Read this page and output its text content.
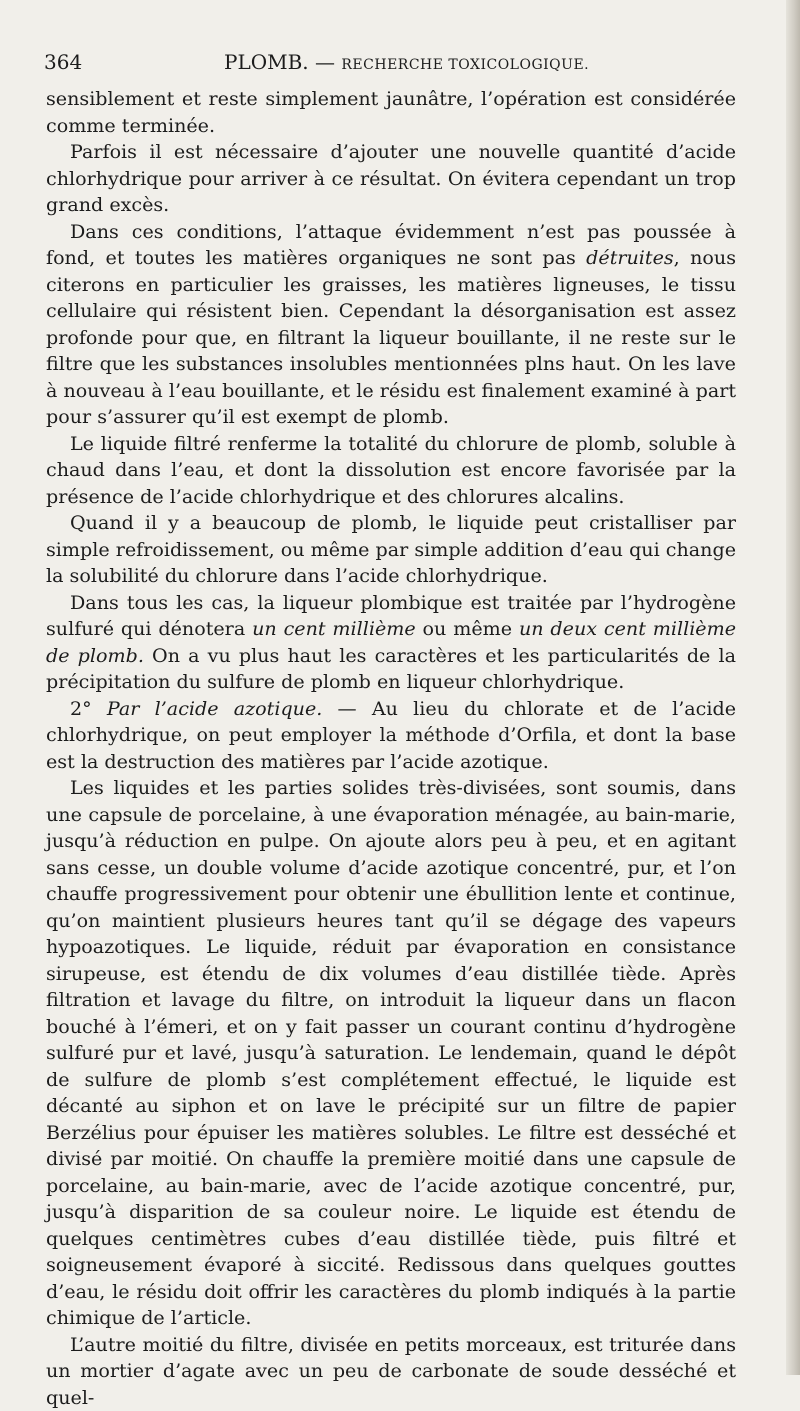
364	PLOMB. — RECHERCHE TOXICOLOGIQUE.

sensiblement et reste simplement jaunâtre, l’opération est considérée comme terminée.

Parfois il est nécessaire d’ajouter une nouvelle quantité d’acide chlorhydrique pour arriver à ce résultat. On évitera cependant un trop grand excès.

Dans ces conditions, l’attaque évidemment n’est pas poussée à fond, et toutes les matières organiques ne sont pas détruites, nous citerons en particulier les graisses, les matières ligneuses, le tissu cellulaire qui résistent bien. Cependant la désorganisation est assez profonde pour que, en filtrant la liqueur bouillante, il ne reste sur le filtre que les substances insolubles mentionnées plns haut. On les lave à nouveau à l’eau bouillante, et le résidu est finalement examiné à part pour s’assurer qu’il est exempt de plomb.

Le liquide filtré renferme la totalité du chlorure de plomb, soluble à chaud dans l’eau, et dont la dissolution est encore favorisée par la présence de l’acide chlorhydrique et des chlorures alcalins.

Quand il y a beaucoup de plomb, le liquide peut cristalliser par simple refroidissement, ou même par simple addition d’eau qui change la solubilité du chlorure dans l’acide chlorhydrique.

Dans tous les cas, la liqueur plombique est traitée par l’hydrogène sulfuré qui dénotera un cent millième ou même un deux cent millième de plomb. On a vu plus haut les caractères et les particularités de la précipitation du sulfure de plomb en liqueur chlorhydrique.

2° Par l’acide azotique. — Au lieu du chlorate et de l’acide chlorhydrique, on peut employer la méthode d’Orfila, et dont la base est la destruction des matières par l’acide azotique.

Les liquides et les parties solides très-divisées, sont soumis, dans une capsule de porcelaine, à une évaporation ménagée, au bain-marie, jusqu’à réduction en pulpe. On ajoute alors peu à peu, et en agitant sans cesse, un double volume d’acide azotique concentré, pur, et l’on chauffe progressivement pour obtenir une ébullition lente et continue, qu’on maintient plusieurs heures tant qu’il se dégage des vapeurs hypoazotiques. Le liquide, réduit par évaporation en consistance sirupeuse, est étendu de dix volumes d’eau distillée tiède. Après filtration et lavage du filtre, on introduit la liqueur dans un flacon bouché à l’émeri, et on y fait passer un courant continu d’hydrogène sulfuré pur et lavé, jusqu’à saturation. Le lendemain, quand le dépôt de sulfure de plomb s’est complétement effectué, le liquide est décanté au siphon et on lave le précipité sur un filtre de papier Berzélius pour épuiser les matières solubles. Le filtre est desséché et divisé par moitié. On chauffe la première moitié dans une capsule de porcelaine, au bain-marie, avec de l’acide azotique concentré, pur, jusqu’à disparition de sa couleur noire. Le liquide est étendu de quelques centimètres cubes d’eau distillée tiède, puis filtré et soigneusement évaporé à siccité. Redissous dans quelques gouttes d’eau, le résidu doit offrir les caractères du plomb indiqués à la partie chimique de l’article.

L’autre moitié du filtre, divisée en petits morceaux, est triturée dans un mortier d’agate avec un peu de carbonate de soude desséché et quel-
